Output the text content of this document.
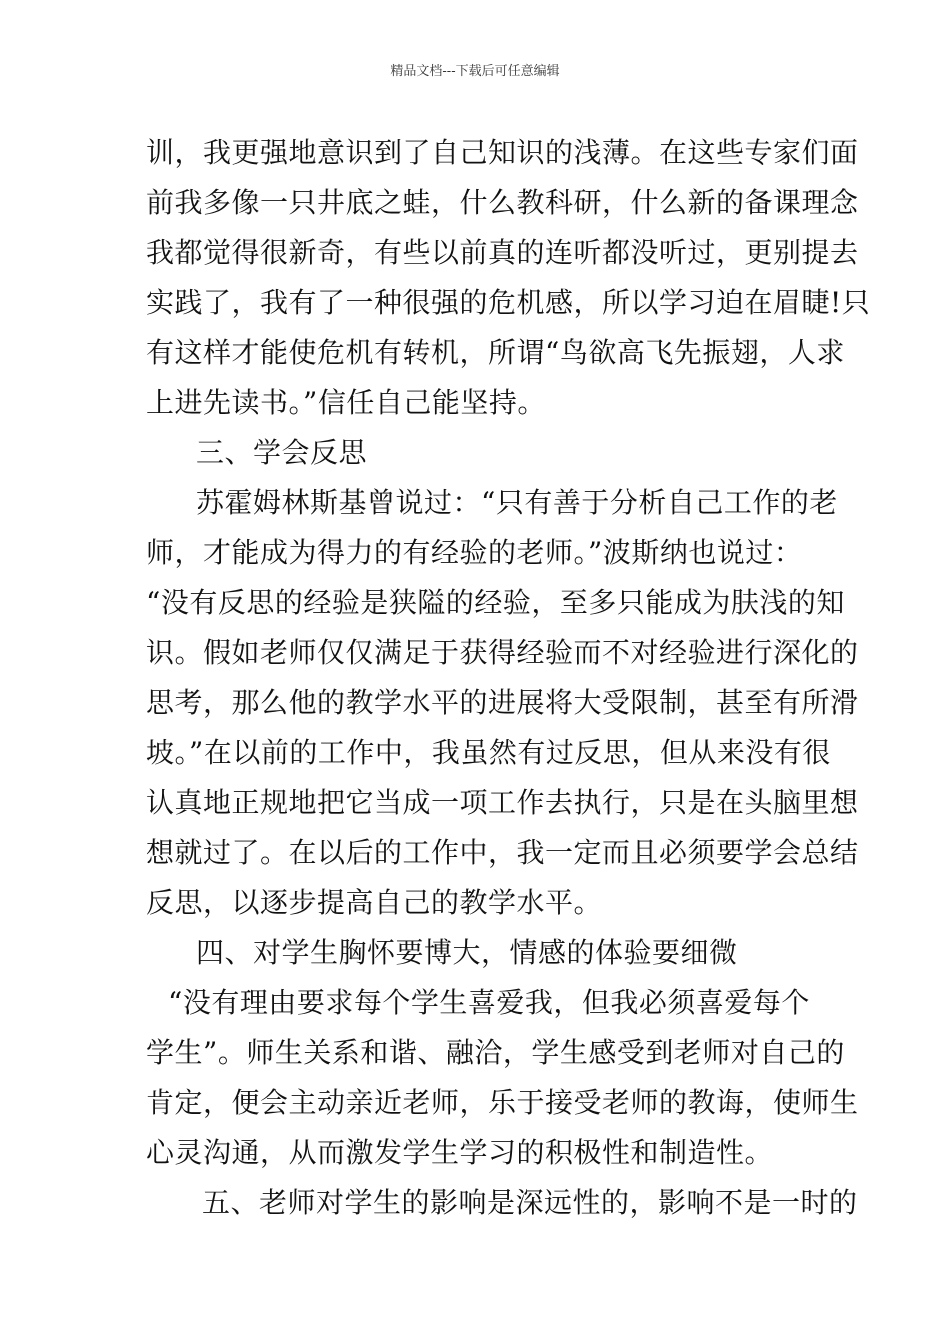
精品文档---下载后可任意编辑
训，我更强地意识到了自己知识的浅薄。在这些专家们面
前我多像一只井底之蛙，什么教科研，什么新的备课理念
我都觉得很新奇，有些以前真的连听都没听过，更别提去
实践了，我有了一种很强的危机感，所以学习迫在眉睫!只
有这样才能使危机有转机，所谓“鸟欲高飞先振翅，人求
上进先读书。”信任自己能坚持。
三、学会反思
苏霍姆林斯基曾说过：“只有善于分析自己工作的老
师，才能成为得力的有经验的老师。”波斯纳也说过：
“没有反思的经验是狭隘的经验，至多只能成为肤浅的知
识。假如老师仅仅满足于获得经验而不对经验进行深化的
思考，那么他的教学水平的进展将大受限制，甚至有所滑
坡。”在以前的工作中，我虽然有过反思，但从来没有很
认真地正规地把它当成一项工作去执行，只是在头脑里想
想就过了。在以后的工作中，我一定而且必须要学会总结
反思，以逐步提高自己的教学水平。
四、对学生胸怀要博大，情感的体验要细微
“没有理由要求每个学生喜爱我，但我必须喜爱每个
学生”。师生关系和谐、融洽，学生感受到老师对自己的
肯定，便会主动亲近老师，乐于接受老师的教诲，使师生
心灵沟通，从而激发学生学习的积极性和制造性。
五、老师对学生的影响是深远性的，影响不是一时的
